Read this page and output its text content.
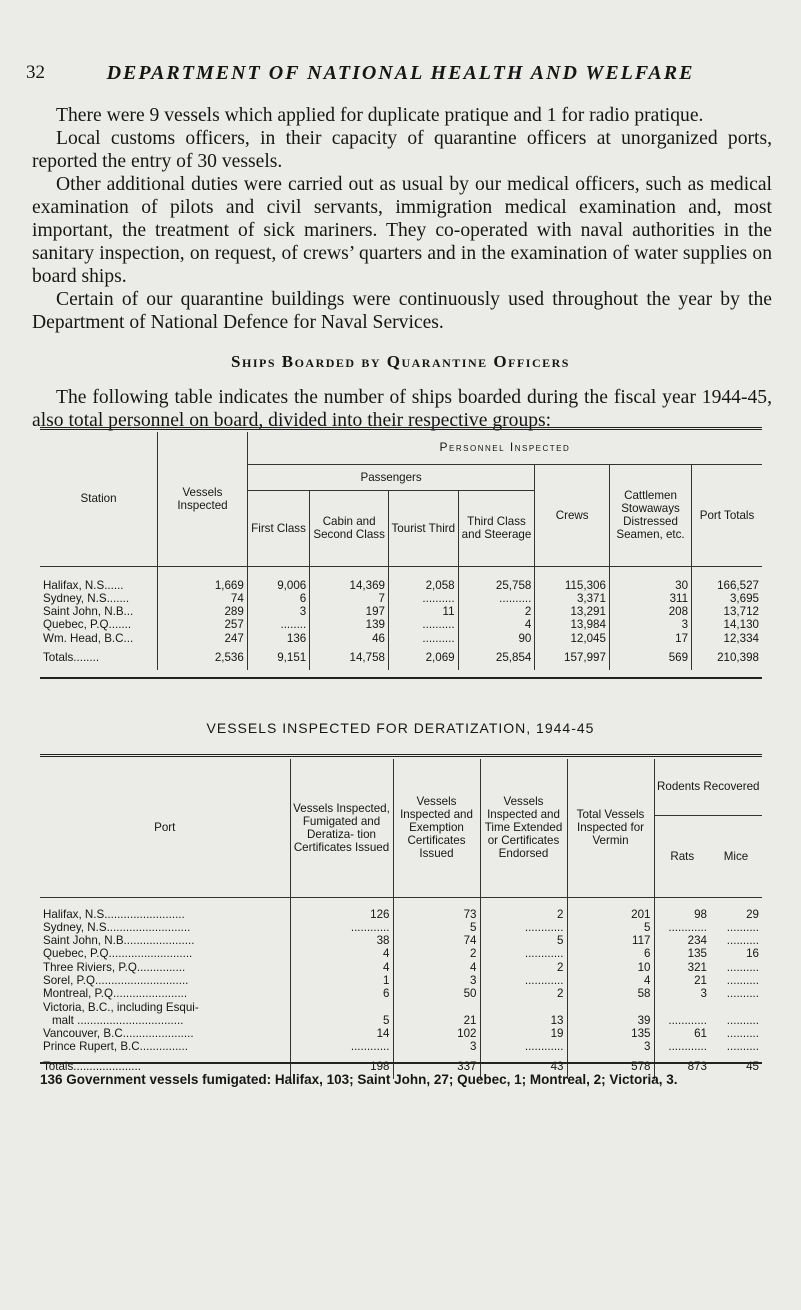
32	DEPARTMENT OF NATIONAL HEALTH AND WELFARE

There were 9 vessels which applied for duplicate pratique and 1 for radio pratique.

Local customs officers, in their capacity of quarantine officers at unorganized ports, reported the entry of 30 vessels.

Other additional duties were carried out as usual by our medical officers, such as medical examination of pilots and civil servants, immigration medical examination and, most important, the treatment of sick mariners. They co-operated with naval authorities in the sanitary inspection, on request, of crews’ quarters and in the examination of water supplies on board ships.

Certain of our quarantine buildings were continuously used throughout the year by the Department of National Defence for Naval Services.

Ships Boarded by Quarantine Officers
The following table indicates the number of ships boarded during the fiscal year 1944-45, also total personnel on board, divided into their respective groups:
Station	Vessels Inspected	Personnel Inspected						
		Passengers				Crews	Cattlemen Stowaways Distressed Seamen, etc.	Port Totals
		First Class	Cabin and Second Class	Tourist Third	Third Class and Steerage			

Halifax, N.S......	1,669	9,006	14,369	2,058	25,758	115,306	30	166,527
Sydney, N.S.......	74	6	7	..........	..........	3,371	311	3,695
Saint John, N.B...	289	3	197	11	2	13,291	208	13,712
Quebec, P.Q.......	257	........	139	..........	4	13,984	3	14,130
Wm. Head, B.C...	247	136	46	..........	90	12,045	17	12,334
Totals........	2,536	9,151	14,758	2,069	25,854	157,997	569	210,398
VESSELS INSPECTED FOR DERATIZATION, 1944-45
Port	Vessels Inspected, Fumigated and Deratiza- tion Certificates Issued	Vessels Inspected and Exemption Certificates Issued	Vessels Inspected and Time Extended or Certificates Endorsed	Total Vessels Inspected for Vermin	Rodents Recovered	
					Rats	Mice

Halifax, N.S.........................	126	73	2	201	98	29
Sydney, N.S..........................	............	5	............	5	............	..........
Saint John, N.B......................	38	74	5	117	234	..........
Quebec, P.Q..........................	4	2	............	6	135	16
Three Riviers, P.Q...............	4	4	2	10	321	..........
Sorel, P.Q.............................	1	3	............	4	21	..........
Montreal, P.Q.......................	6	50	2	58	3	..........
Victoria, B.C., including Esqui-						
malt .................................	5	21	13	39	............	..........
Vancouver, B.C......................	14	102	19	135	61	..........
Prince Rupert, B.C...............	............	3	............	3	............	..........
Totals.....................	198	337	43	578	873	45
136 Government vessels fumigated: Halifax, 103; Saint John, 27; Quebec, 1; Montreal, 2; Victoria, 3.
